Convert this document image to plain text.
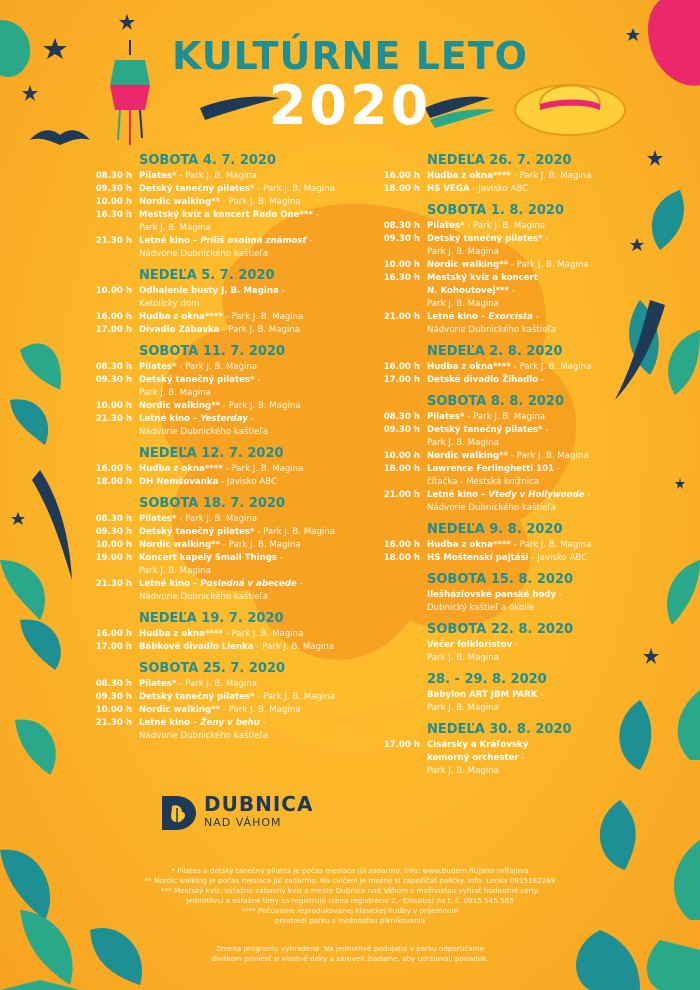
KULTÚRNE LETO
2020
SOBOTA 4. 7. 2020
08.30 h Pilates* - Park J. B. Magina
09.30 h Detský tanečný pilates* - Park J. B. Magina
10.00 h Nordic walking** - Park J. B. Magina
16.30 h Mestský kvíz a koncert Rado One*** -
Park J. B. Magina
21.30 h Letné kino – Príliš osobná známosť -
Nádvorie Dubnického kaštieľa
NEDEĽA 5. 7. 2020
10.00 h Odhalenie busty J. B. Magina -
Katolícky dom
16.00 h Hudba z okna**** - Park J. B. Magina
17.00 h Divadlo Zábavka - Park J. B. Magina
SOBOTA 11. 7. 2020
08.30 h Pilates* - Park J. B. Magina
09.30 h Detský tanečný pilates* -
Park J. B. Magina
10.00 h Nordic walking** - Park J. B. Magina
21.30 h Letné kino – Yesterday -
Nádvorie Dubnického kaštieľa
NEDEĽA 12. 7. 2020
16.00 h Hudba z okna**** - Park J. B. Magina
18.00 h DH Nemšovanka - Javisko ABC
SOBOTA 18. 7. 2020
08.30 h Pilates* - Park J. B. Magina
09.30 h Detský tanečný pilates* - Park J. B. Magina
10.00 h Nordic walking** - Park J. B. Magina
19.00 h Koncert kapely Small Things -
Park J. B. Magina
21.30 h Letné kino – Posledná v abecede -
Nádvorie Dubnického kaštieľa
NEDEĽA 19. 7. 2020
16.00 h Hudba z okna**** - Park J. B. Magina
17.00 h Bábkové divadlo Lienka - Park J. B. Magina
SOBOTA 25. 7. 2020
08.30 h Pilates* - Park J. B. Magina
09.30 h Detský tanečný pilates* - Park J. B. Magina
10.00 h Nordic walking** - Park J. B. Magina
21.30 h Letné kino – Ženy v behu -
Nádvorie Dubnického kaštieľa
NEDEĽA 26. 7. 2020
16.00 h Hudba z okna**** - Park J. B. Magina
18.00 h HS VEGA - Javisko ABC
SOBOTA 1. 8. 2020
08.30 h Pilates* - Park J. B. Magina
09.30 h Detský tanečný pilates* -
Park J. B. Magina
10.00 h Nordic walking** - Park J. B. Magina
16.30 h Mestský kvíz a koncert
N. Kohoutovej*** -
Park J. B. Magina
21.00 h Letné kino – Exorcista -
Nádvorie Dubnického kaštieľa
NEDEĽA 2. 8. 2020
16.00 h Hudba z okna**** - Park J. B. Magina
17.00 h Detské divadlo Žihadlo -
SOBOTA 8. 8. 2020
08.30 h Pilates* - Park J. B. Magina
09.30 h Detský tanečný pilates* -
Park J. B. Magina
10.00 h Nordic walking** - Park J. B. Magina
18.00 h Lawrence Ferlinghetti 101 -
čítačka - Mestská knižnica
21.00 h Letné kino – Vtedy v Hollywoode -
Nádvorie Dubnického kaštieľa
NEDEĽA 9. 8. 2020
16.00 h Hudba z okna**** - Park J. B. Magina
18.00 h HS Moštenskí pajtáši - Javisko ABC
SOBOTA 15. 8. 2020
Ilešháziovské panské hody -
Dubnický kaštieľ a okolie
SOBOTA 22. 8. 2020
Večer folkloristov -
Park J. B. Magina
28. - 29. 8. 2020
Babylon ART JBM PARK -
Park J. B. Magina
NEDEĽA 30. 8. 2020
17.00 h Cisársky a Kráľovský
komorný orchester -
Park J. B. Magina
DUBNICA
NAD VÁHOM
* Pilates a detský tanečný pilates je počas mesiaca júl zadarmo. Info: www.budem.fit/jana-raffajova
** Nordic walking je počas mesiaca júl zadarmo. Na cvičení je možné si zapožičať paličky. Info: Lenka 0915182269
*** Mestský kvíz: súťažno-zábavný kvíz o meste Dubnica nad Váhom s možnosťou vyhrať hodnotné ceny.
Jednotlivci a súťažné tímy sa registrujú (cena registrácie 2,- €/osoba) na t. č. 0915 545 565
**** Počúvanie reprodukovanej klasickej hudby v príjemnom
prostredí parku s možnosťou piknikovania
Zmena programu vyhradená. Na jednotlivé podujatia v parku odporúčame
divákom priniesť si vlastné deky a zároveň žiadame, aby udržiavali poriadok.
